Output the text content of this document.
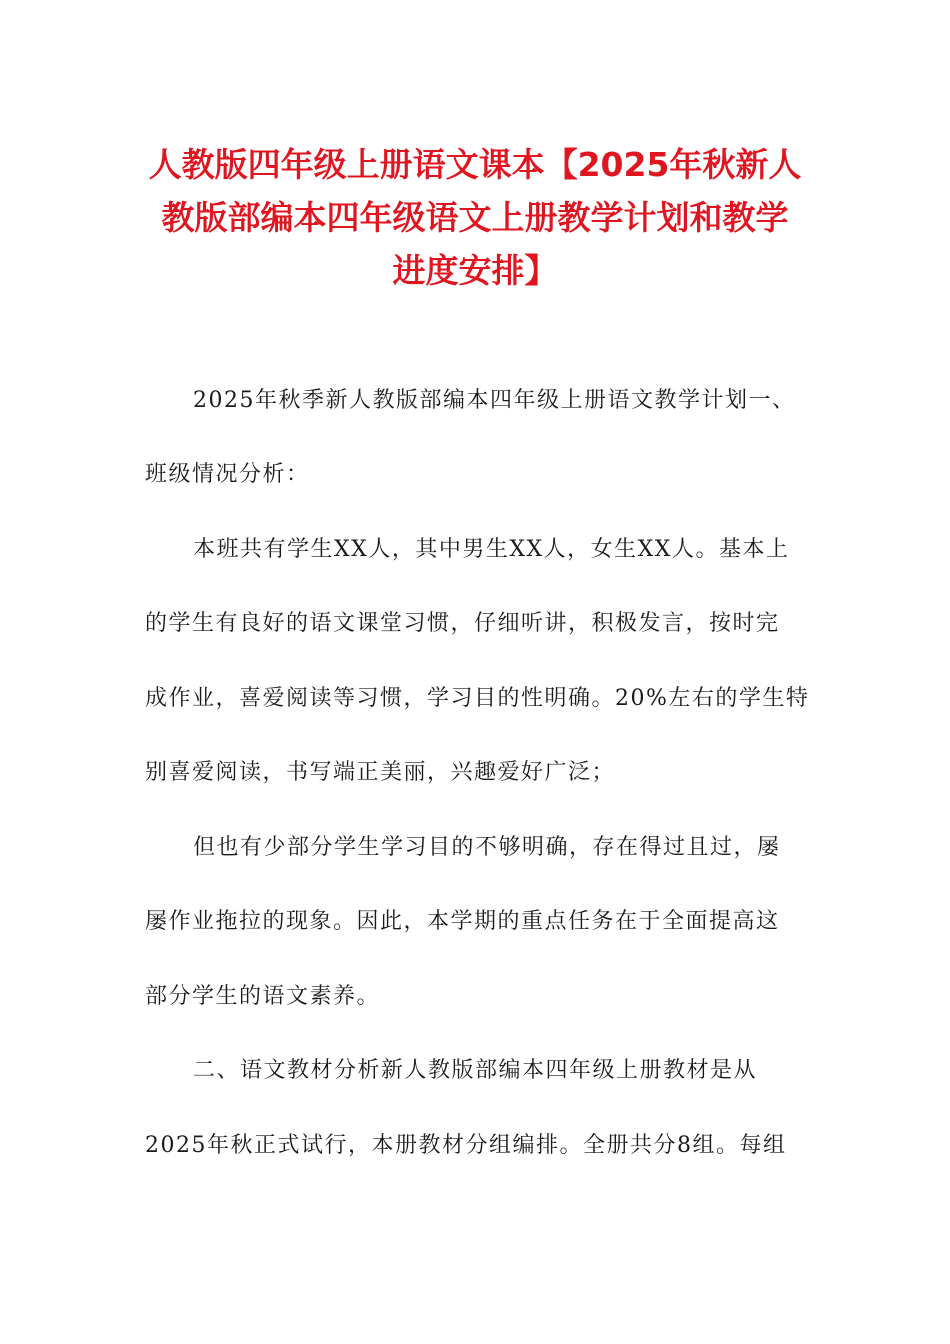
人教版四年级上册语文课本【2025年秋新人
教版部编本四年级语文上册教学计划和教学
进度安排】

2025年秋季新人教版部编本四年级上册语文教学计划一、

班级情况分析：

本班共有学生XX人，其中男生XX人，女生XX人。基本上

的学生有良好的语文课堂习惯，仔细听讲，积极发言，按时完

成作业，喜爱阅读等习惯，学习目的性明确。20%左右的学生特

别喜爱阅读，书写端正美丽，兴趣爱好广泛；

但也有少部分学生学习目的不够明确，存在得过且过，屡

屡作业拖拉的现象。因此，本学期的重点任务在于全面提高这

部分学生的语文素养。

二、语文教材分析新人教版部编本四年级上册教材是从

2025年秋正式试行，本册教材分组编排。全册共分8组。每组
